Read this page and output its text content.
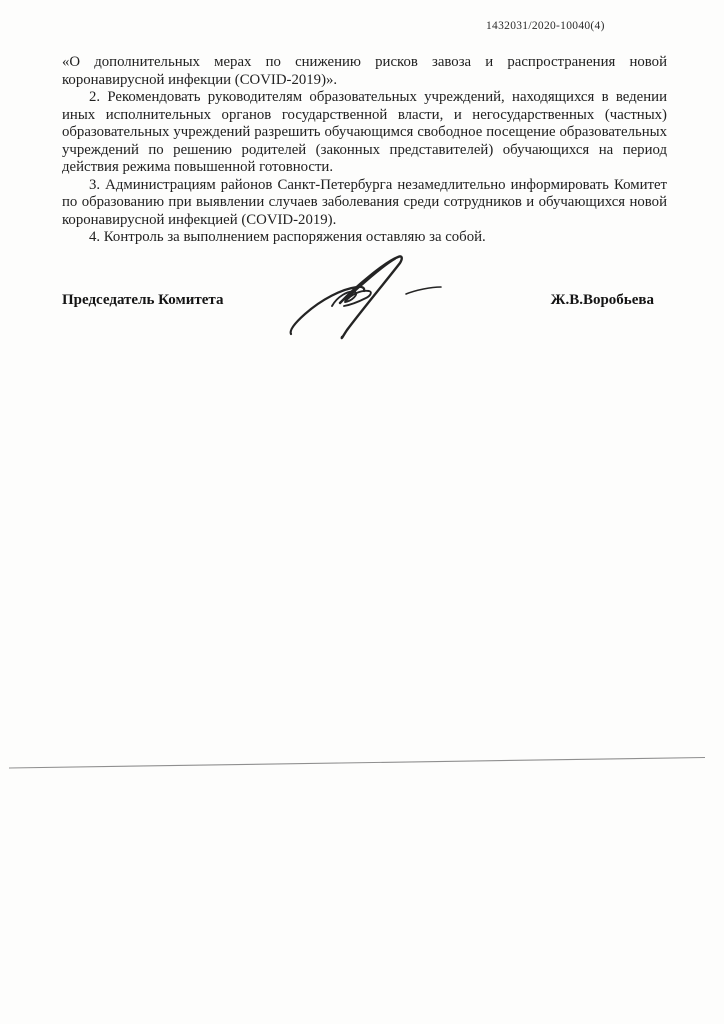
1432031/2020-10040(4)
«О дополнительных мерах по снижению рисков завоза и распространения новой
коронавирусной инфекции (COVID-2019)».
2. Рекомендовать руководителям образовательных учреждений, находящихся в ведении
иных исполнительных органов государственной власти, и негосударственных (частных)
образовательных учреждений разрешить обучающимся свободное посещение образовательных
учреждений по решению родителей (законных представителей) обучающихся на период
действия режима повышенной готовности.
3. Администрациям районов Санкт-Петербурга незамедлительно информировать Комитет
по образованию при выявлении случаев заболевания среди сотрудников и обучающихся новой
коронавирусной инфекцией (COVID-2019).
4. Контроль за выполнением распоряжения оставляю за собой.
Председатель Комитета	Ж.В.Воробьева
